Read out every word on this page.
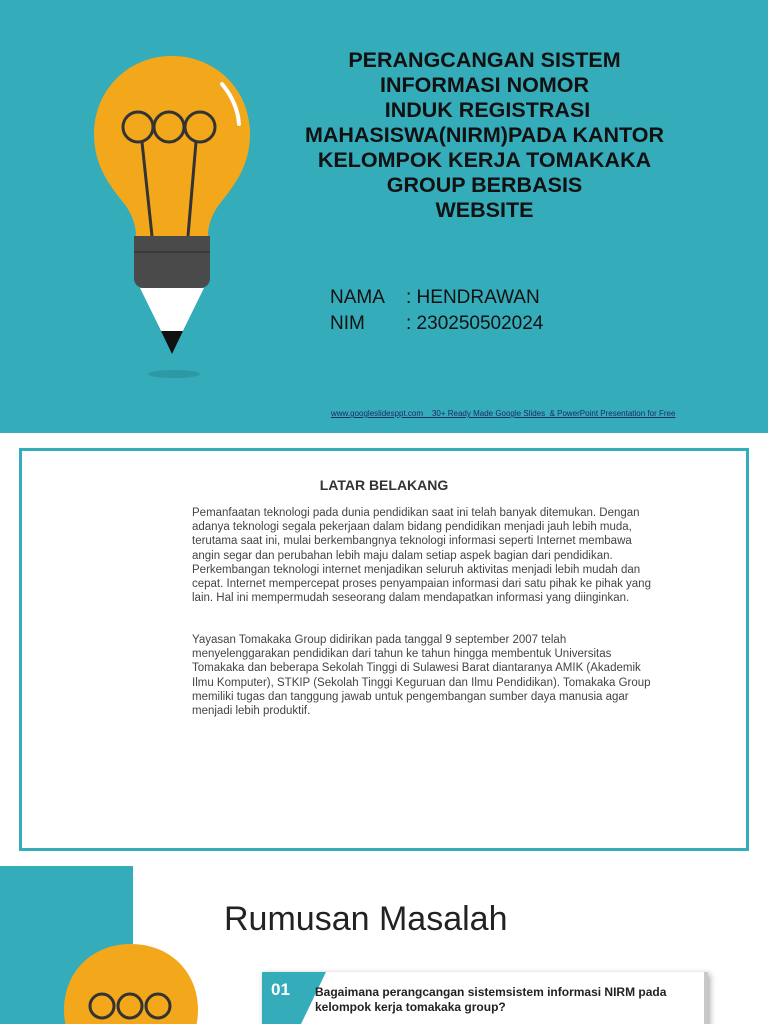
PERANGCANGAN SISTEM
INFORMASI NOMOR
INDUK REGISTRASI
MAHASISWA(NIRM)PADA KANTOR
KELOMPOK KERJA TOMAKAKA
GROUP BERBASIS
WEBSITE
NAMA	: HENDRAWAN
NIM	: 230250502024
www.googleslidesppt.com    30+ Ready Made Google Slides  & PowerPoint Presentation for Free
LATAR BELAKANG

Pemanfaatan teknologi pada dunia pendidikan saat ini telah banyak ditemukan. Dengan adanya teknologi segala pekerjaan dalam bidang pendidikan menjadi jauh lebih muda, terutama saat ini, mulai berkembangnya teknologi informasi seperti Internet membawa angin segar dan perubahan lebih maju dalam setiap aspek bagian dari pendidikan. Perkembangan teknologi internet menjadikan seluruh aktivitas menjadi lebih mudah dan cepat. Internet mempercepat proses penyampaian informasi dari satu pihak ke pihak yang lain. Hal ini mempermudah seseorang dalam mendapatkan informasi yang diinginkan.

Yayasan Tomakaka Group didirikan pada tanggal 9 september 2007 telah menyelenggarakan pendidikan dari tahun ke tahun hingga membentuk Universitas Tomakaka dan beberapa Sekolah Tinggi di Sulawesi Barat diantaranya AMIK (Akademik Ilmu Komputer), STKIP (Sekolah Tinggi Keguruan dan Ilmu Pendidikan). Tomakaka Group memiliki tugas dan tanggung jawab untuk pengembangan sumber daya manusia agar menjadi lebih produktif.

Rumusan Masalah
01 Bagaimana perangcangan sistemsistem informasi NIRM pada kelompok kerja tomakaka group?
